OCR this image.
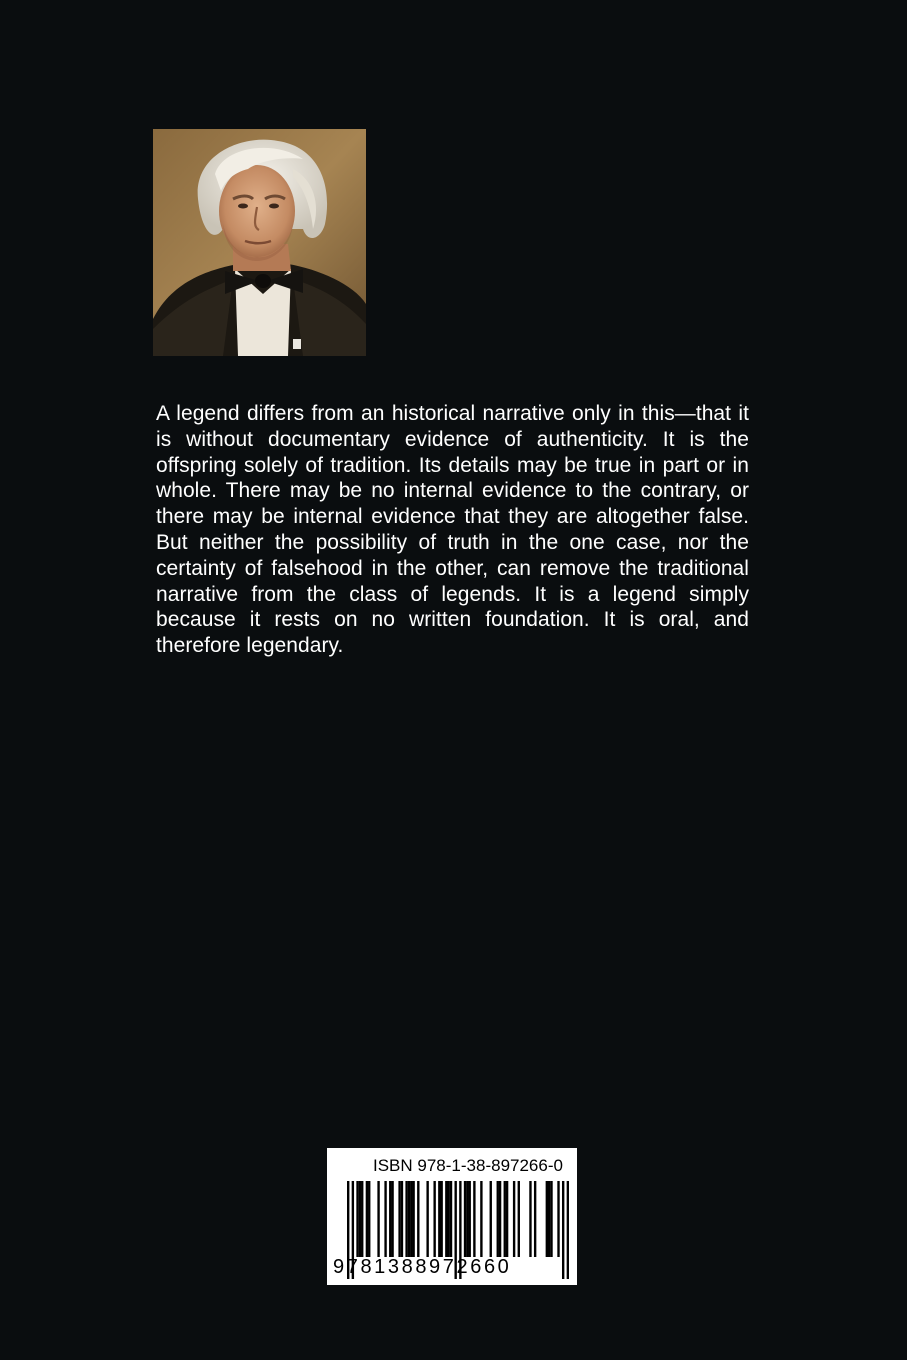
A legend differs from an historical narrative only in this—that it is without documentary evidence of authenticity. It is the offspring solely of tradition. Its details may be true in part or in whole. There may be no internal evidence to the contrary, or there may be internal evidence that they are altogether false. But neither the possibility of truth in the one case, nor the certainty of falsehood in the other, can remove the traditional narrative from the class of legends. It is a legend simply because it rests on no written foundation. It is oral, and therefore legendary.

ISBN 978-1-38-897266-0
9781388972660
